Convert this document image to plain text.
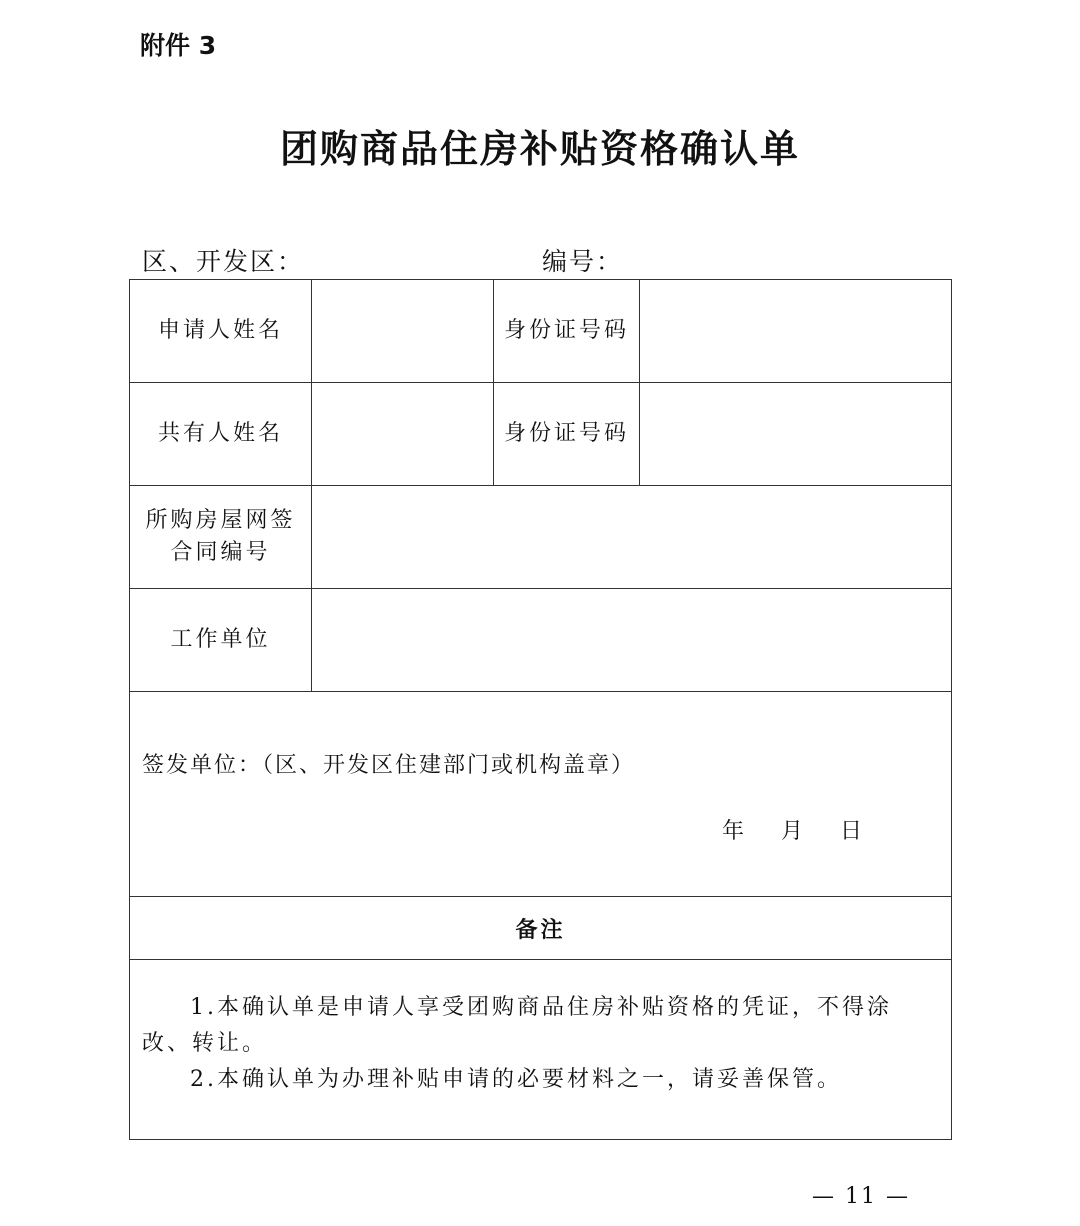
附件 3
团购商品住房补贴资格确认单
区、开发区：	编号：
申请人姓名		身份证号码	
共有人姓名		身份证号码	

所购房屋网签
合同编号			

工作单位			

签发单位：（区、开发区住建部门或机构盖章）
年 月 日			

备注			

1.本确认单是申请人享受团购商品住房补贴资格的凭证，不得涂改、转让。

2.本确认单为办理补贴申请的必要材料之一，请妥善保管。			

— 11 —
